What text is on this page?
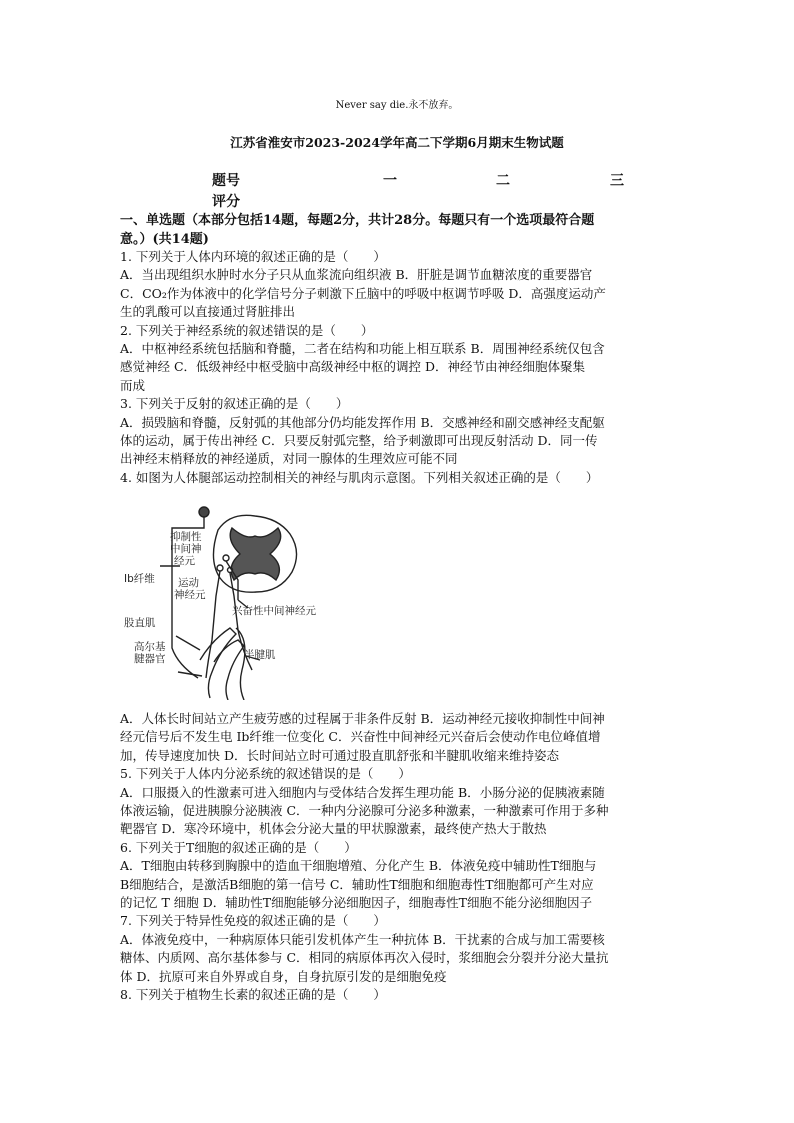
Never say die.永不放弃。
江苏省淮安市2023-2024学年高二下学期6月期末生物试题
题号	一	二	三
评分
一、单选题（本部分包括14题，每题2分，共计28分。每题只有一个选项最符合题
意。）(共14题)

1. 下列关于人体内环境的叙述正确的是（　　）

A．当出现组织水肿时水分子只从血浆流向组织液 B．肝脏是调节血糖浓度的重要器官

C．CO₂作为体液中的化学信号分子刺激下丘脑中的呼吸中枢调节呼吸 D．高强度运动产

生的乳酸可以直接通过肾脏排出

2. 下列关于神经系统的叙述错误的是（　　）

A．中枢神经系统包括脑和脊髓，二者在结构和功能上相互联系 B．周围神经系统仅包含

感觉神经 C．低级神经中枢受脑中高级神经中枢的调控 D．神经节由神经细胞体聚集

而成

3. 下列关于反射的叙述正确的是（　　）

A．损毁脑和脊髓，反射弧的其他部分仍均能发挥作用 B．交感神经和副交感神经支配躯

体的运动，属于传出神经 C．只要反射弧完整，给予刺激即可出现反射活动 D．同一传

出神经末梢释放的神经递质，对同一腺体的生理效应可能不同

4. 如图为人体腿部运动控制相关的神经与肌肉示意图。下列相关叙述正确的是（　　）

抑制性
中间神
经元
Ib纤维 运动
神经元
兴奋性中间神经元
股直肌
高尔基
腱器官	半腱肌

A．人体长时间站立产生疲劳感的过程属于非条件反射 B．运动神经元接收抑制性中间神

经元信号后不发生电 Ib纤维一位变化 C．兴奋性中间神经元兴奋后会使动作电位峰值增

加，传导速度加快 D．长时间站立时可通过股直肌舒张和半腱肌收缩来维持姿态

5. 下列关于人体内分泌系统的叙述错误的是（　　）

A．口服摄入的性激素可进入细胞内与受体结合发挥生理功能 B．小肠分泌的促胰液素随

体液运输，促进胰腺分泌胰液 C．一种内分泌腺可分泌多种激素，一种激素可作用于多种

靶器官 D．寒冷环境中，机体会分泌大量的甲状腺激素，最终使产热大于散热

6. 下列关于T细胞的叙述正确的是（　　）

A．T细胞由转移到胸腺中的造血干细胞增殖、分化产生 B．体液免疫中辅助性T细胞与

B细胞结合，是激活B细胞的第一信号 C．辅助性T细胞和细胞毒性T细胞都可产生对应

的记忆 T 细胞 D．辅助性T细胞能够分泌细胞因子，细胞毒性T细胞不能分泌细胞因子

7. 下列关于特异性免疫的叙述正确的是（　　）

A．体液免疫中，一种病原体只能引发机体产生一种抗体 B．干扰素的合成与加工需要核

糖体、内质网、高尔基体参与 C．相同的病原体再次入侵时，浆细胞会分裂并分泌大量抗

体 D．抗原可来自外界或自身，自身抗原引发的是细胞免疫

8. 下列关于植物生长素的叙述正确的是（　　）
